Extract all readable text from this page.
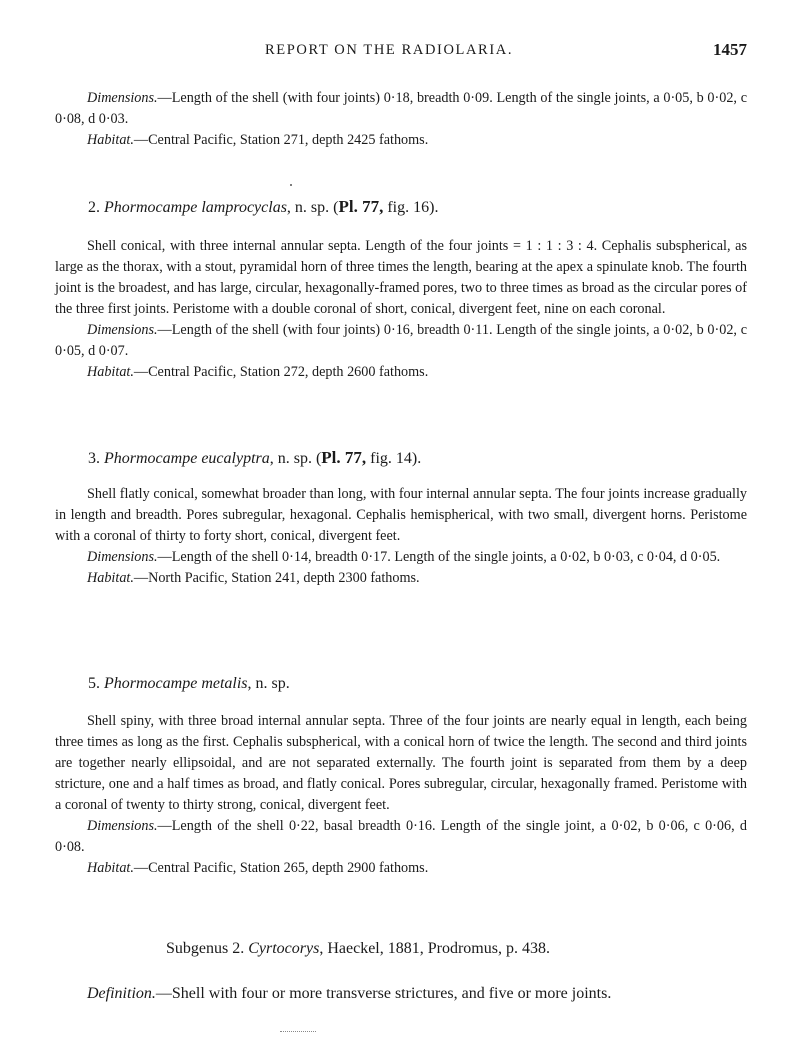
REPORT ON THE RADIOLARIA.	1457

Dimensions.—Length of the shell (with four joints) 0·18, breadth 0·09. Length of the single joints, a 0·05, b 0·02, c 0·08, d 0·03.

Habitat.—Central Pacific, Station 271, depth 2425 fathoms.

2. Phormocampe lamprocyclas, n. sp. (Pl. 77, fig. 16).

Shell conical, with three internal annular septa. Length of the four joints = 1 : 1 : 3 : 4. Cephalis subspherical, as large as the thorax, with a stout, pyramidal horn of three times the length, bearing at the apex a spinulate knob. The fourth joint is the broadest, and has large, circular, hexagonally-framed pores, two to three times as broad as the circular pores of the three first joints. Peristome with a double coronal of short, conical, divergent feet, nine on each coronal.

Dimensions.—Length of the shell (with four joints) 0·16, breadth 0·11. Length of the single joints, a 0·02, b 0·02, c 0·05, d 0·07.

Habitat.—Central Pacific, Station 272, depth 2600 fathoms.

3. Phormocampe eucalyptra, n. sp. (Pl. 77, fig. 14).

Shell flatly conical, somewhat broader than long, with four internal annular septa. The four joints increase gradually in length and breadth. Pores subregular, hexagonal. Cephalis hemispherical, with two small, divergent horns. Peristome with a coronal of thirty to forty short, conical, divergent feet.

Dimensions.—Length of the shell 0·14, breadth 0·17. Length of the single joints, a 0·02, b 0·03, c 0·04, d 0·05.

Habitat.—North Pacific, Station 241, depth 2300 fathoms.

5. Phormocampe metalis, n. sp.

Shell spiny, with three broad internal annular septa. Three of the four joints are nearly equal in length, each being three times as long as the first. Cephalis subspherical, with a conical horn of twice the length. The second and third joints are together nearly ellipsoidal, and are not separated externally. The fourth joint is separated from them by a deep stricture, one and a half times as broad, and flatly conical. Pores subregular, circular, hexagonally framed. Peristome with a coronal of twenty to thirty strong, conical, divergent feet.

Dimensions.—Length of the shell 0·22, basal breadth 0·16. Length of the single joint, a 0·02, b 0·06, c 0·06, d 0·08.

Habitat.—Central Pacific, Station 265, depth 2900 fathoms.

Subgenus 2. Cyrtocorys, Haeckel, 1881, Prodromus, p. 438.

Definition.—Shell with four or more transverse strictures, and five or more joints.
